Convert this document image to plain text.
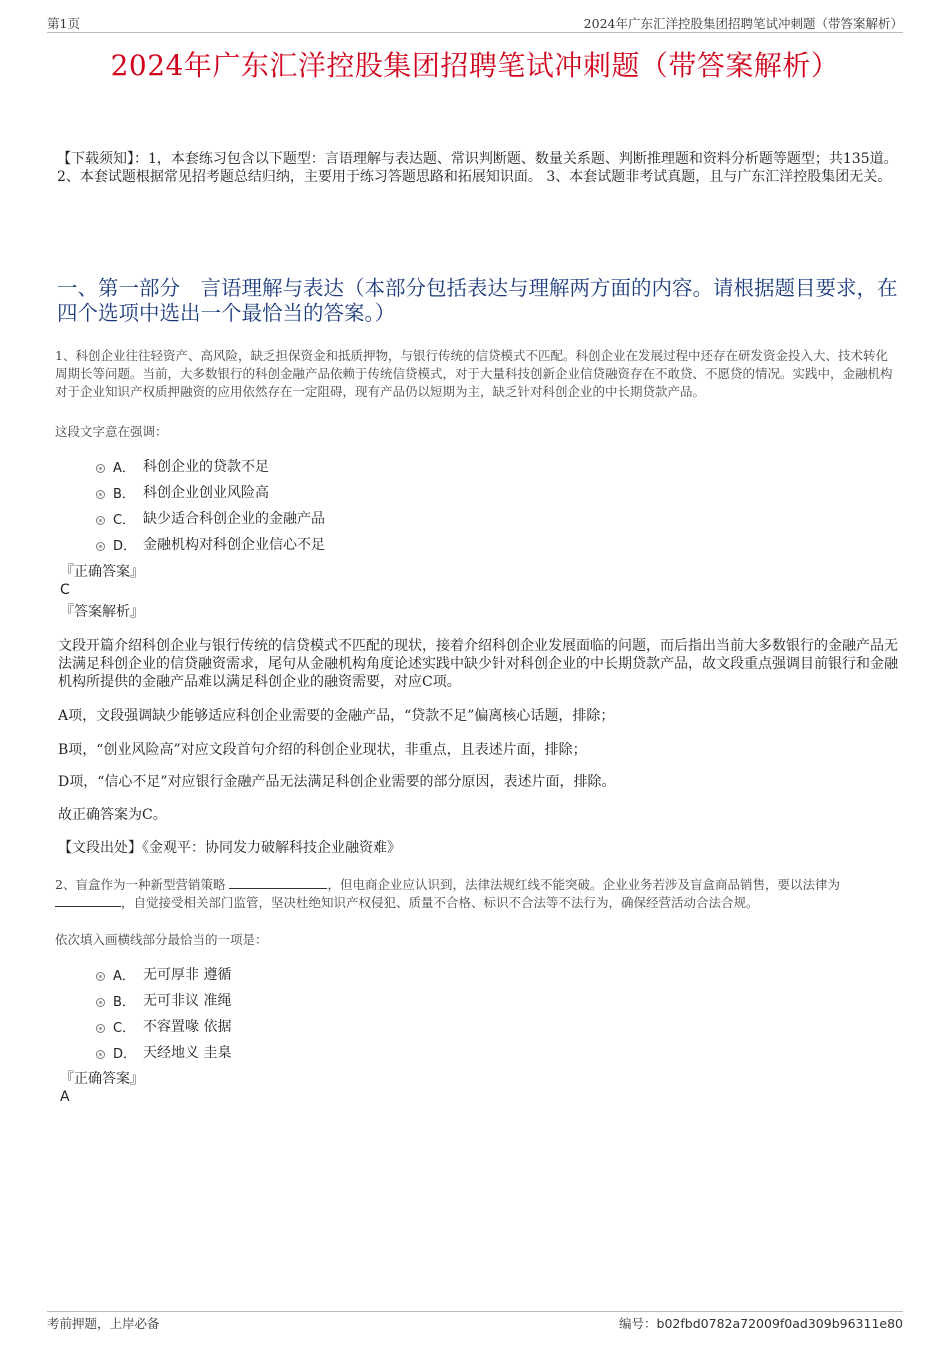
第1页	2024年广东汇洋控股集团招聘笔试冲刺题（带答案解析）
2024年广东汇洋控股集团招聘笔试冲刺题（带答案解析）
【下载须知】：1，本套练习包含以下题型：言语理解与表达题、常识判断题、数量关系题、判断推理题和资料分析题等题型；共135道。 2、本套试题根据常见招考题总结归纳，主要用于练习答题思路和拓展知识面。 3、本套试题非考试真题，且与广东汇洋控股集团无关。
一、第一部分　言语理解与表达（本部分包括表达与理解两方面的内容。请根据题目要求，在四个选项中选出一个最恰当的答案。）
1、科创企业往往轻资产、高风险，缺乏担保资金和抵质押物，与银行传统的信贷模式不匹配。科创企业在发展过程中还存在研发资金投入大、技术转化周期长等问题。当前，大多数银行的科创金融产品依赖于传统信贷模式，对于大量科技创新企业信贷融资存在不敢贷、不愿贷的情况。实践中，金融机构对于企业知识产权质押融资的应用依然存在一定阻碍，现有产品仍以短期为主，缺乏针对科创企业的中长期贷款产品。
这段文字意在强调：
A． 科创企业的贷款不足
B． 科创企业创业风险高
C． 缺少适合科创企业的金融产品
D． 金融机构对科创企业信心不足
『正确答案』
C
『答案解析』
文段开篇介绍科创企业与银行传统的信贷模式不匹配的现状，接着介绍科创企业发展面临的问题，而后指出当前大多数银行的金融产品无法满足科创企业的信贷融资需求，尾句从金融机构角度论述实践中缺少针对科创企业的中长期贷款产品，故文段重点强调目前银行和金融机构所提供的金融产品难以满足科创企业的融资需要，对应C项。
A项，文段强调缺少能够适应科创企业需要的金融产品，“贷款不足”偏离核心话题，排除；
B项，“创业风险高”对应文段首句介绍的科创企业现状，非重点，且表述片面，排除；
D项，“信心不足”对应银行金融产品无法满足科创企业需要的部分原因，表述片面，排除。
故正确答案为C。
【文段出处】《金观平：协同发力破解科技企业融资难》
2、盲盒作为一种新型营销策略	，但电商企业应认识到，法律法规红线不能突破。企业业务若涉及盲盒商品销售，要以法律为
，自觉接受相关部门监管，坚决杜绝知识产权侵犯、质量不合格、标识不合法等不法行为，确保经营活动合法合规。
依次填入画横线部分最恰当的一项是：
A． 无可厚非 遵循
B． 无可非议 准绳
C． 不容置喙 依据
D． 天经地义 圭臬
『正确答案』
A
考前押题，上岸必备	编号：b02fbd0782a72009f0ad309b96311e80
